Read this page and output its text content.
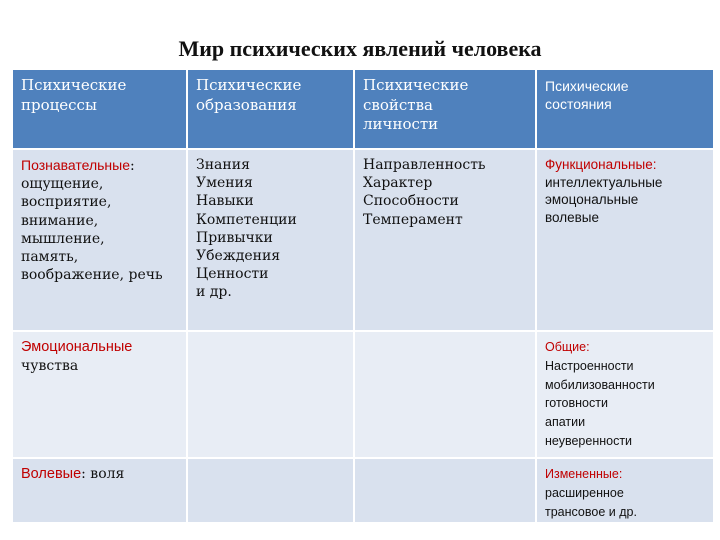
Мир психических явлений человека
Психические
процессы
Психические
образования
Психические
свойства
личности
Психические
состояния
Познавательные:
ощущение,
восприятие,
внимание,
мышление,
память,
воображение, речь
Знания
Умения
Навыки
Компетенции
Привычки
Убеждения
Ценности
и др.
Направленность
Характер
Способности
Темперамент
Функциональные:
интеллектуальные
эмоцональные
волевые
Эмоциональные
чувства
Общие:
Настроенности
мобилизованности
готовности
апатии
неуверенности
Волевые: воля	Измененные:
расширенное
трансовое и др.
